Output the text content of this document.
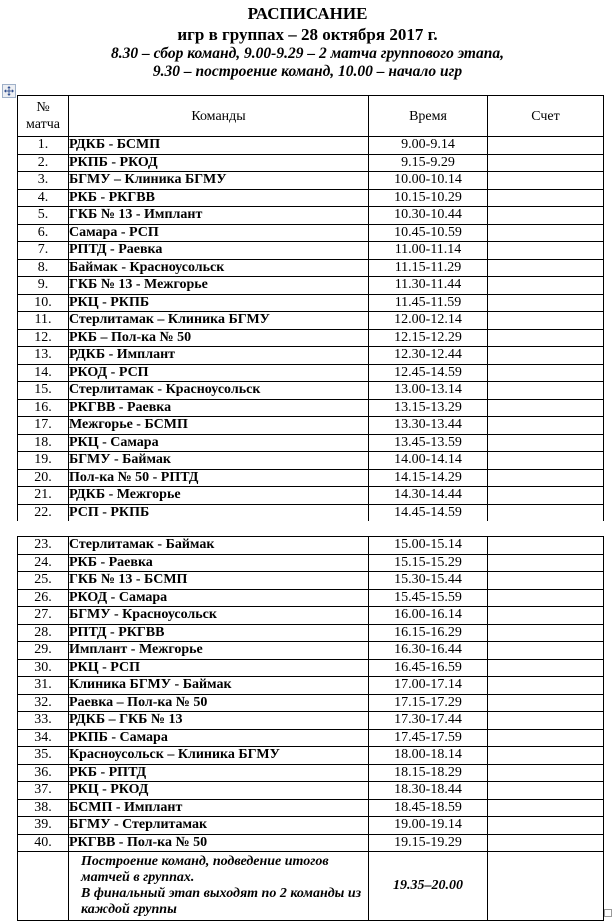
РАСПИСАНИЕ
игр в группах – 28 октября 2017 г.
8.30 – сбор команд, 9.00-9.29 – 2 матча группового этапа,
9.30 – построение команд, 10.00 – начало игр
№
матча	Команды	Время	Счет
1.	РДКБ - БСМП	9.00-9.14	
2.	РКПБ - РКОД	9.15-9.29	
3.	БГМУ – Клиника БГМУ	10.00-10.14	
4.	РКБ - РКГВВ	10.15-10.29	
5.	ГКБ № 13 - Имплант	10.30-10.44	
6.	Самара - РСП	10.45-10.59	
7.	РПТД - Раевка	11.00-11.14	
8.	Баймак - Красноусольск	11.15-11.29	
9.	ГКБ № 13 - Межгорье	11.30-11.44	
10.	РКЦ - РКПБ	11.45-11.59	
11.	Стерлитамак – Клиника БГМУ	12.00-12.14	
12.	РКБ – Пол-ка № 50	12.15-12.29	
13.	РДКБ - Имплант	12.30-12.44	
14.	РКОД - РСП	12.45-14.59	
15.	Стерлитамак - Красноусольск	13.00-13.14	
16.	РКГВВ - Раевка	13.15-13.29	
17.	Межгорье - БСМП	13.30-13.44	
18.	РКЦ - Самара	13.45-13.59	
19.	БГМУ - Баймак	14.00-14.14	
20.	Пол-ка № 50 - РПТД	14.15-14.29	
21.	РДКБ - Межгорье	14.30-14.44	
22.	РСП - РКПБ	14.45-14.59	
23.	Стерлитамак - Баймак	15.00-15.14	
24.	РКБ - Раевка	15.15-15.29	
25.	ГКБ № 13 - БСМП	15.30-15.44	
26.	РКОД - Самара	15.45-15.59	
27.	БГМУ - Красноусольск	16.00-16.14	
28.	РПТД - РКГВВ	16.15-16.29	
29.	Имплант - Межгорье	16.30-16.44	
30.	РКЦ - РСП	16.45-16.59	
31.	Клиника БГМУ - Баймак	17.00-17.14	
32.	Раевка – Пол-ка № 50	17.15-17.29	
33.	РДКБ – ГКБ № 13	17.30-17.44	
34.	РКПБ - Самара	17.45-17.59	
35.	Красноусольск – Клиника БГМУ	18.00-18.14	
36.	РКБ - РПТД	18.15-18.29	
37.	РКЦ - РКОД	18.30-18.44	
38.	БСМП - Имплант	18.45-18.59	
39.	БГМУ - Стерлитамак	19.00-19.14	
40.	РКГВВ - Пол-ка № 50	19.15-19.29	

	Построение команд, подведение итогов матчей в группах.
В финальный этап выходят по 2 команды из каждой группы	19.35–20.00	
